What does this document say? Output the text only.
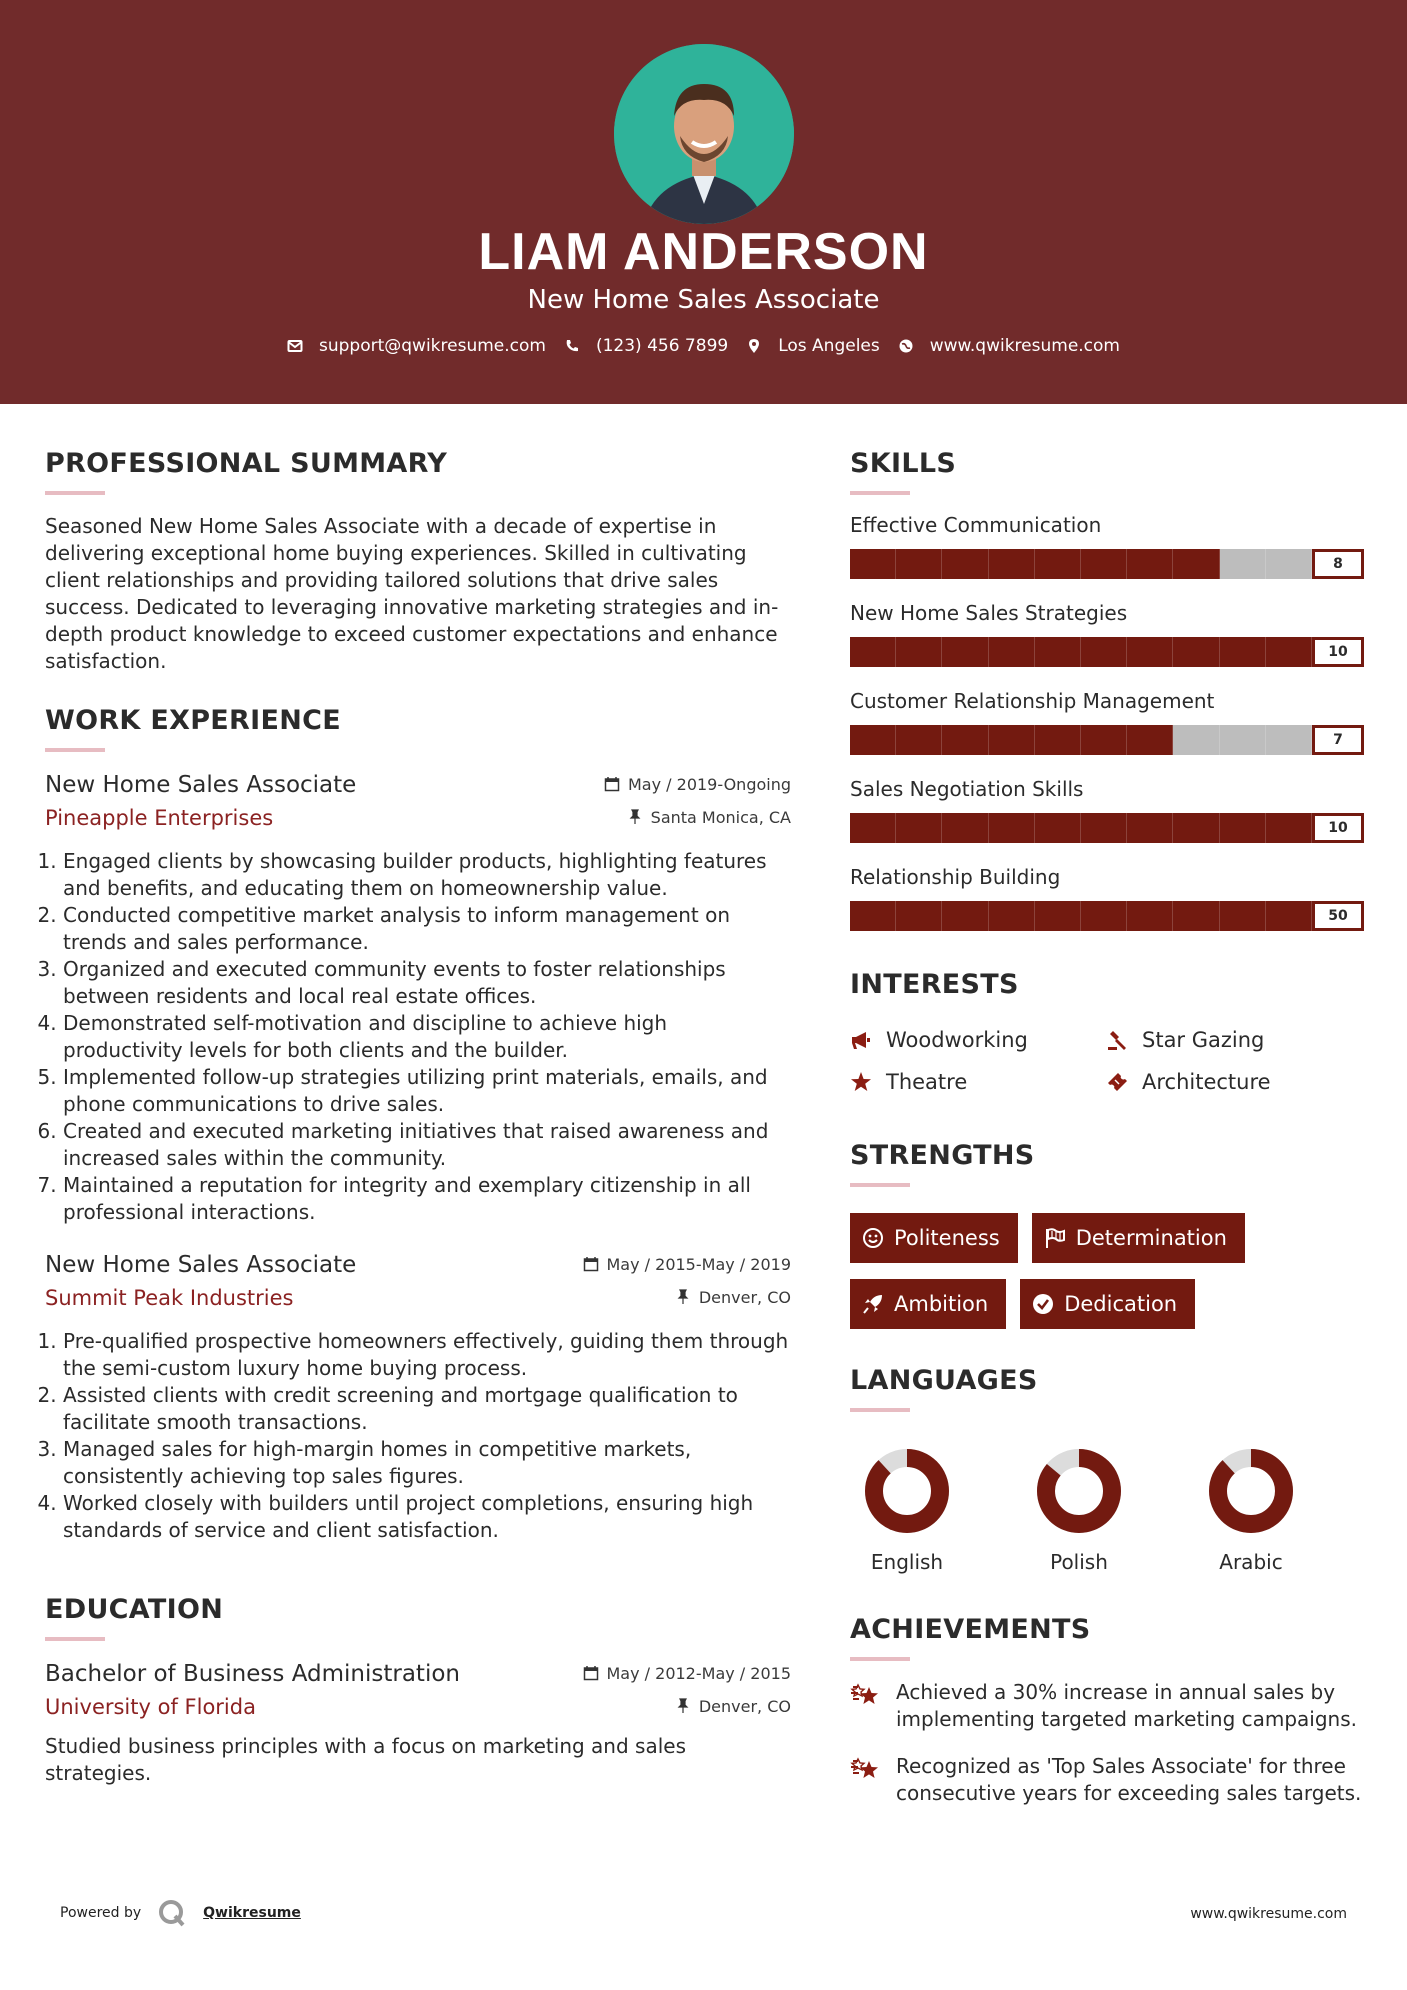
LIAM ANDERSON
New Home Sales Associate
support@qwikresume.com	(123) 456 7899	Los Angeles	www.qwikresume.com
PROFESSIONAL SUMMARY

Seasoned New Home Sales Associate with a decade of expertise in delivering exceptional home buying experiences. Skilled in cultivating client relationships and providing tailored solutions that drive sales success. Dedicated to leveraging innovative marketing strategies and in-depth product knowledge to exceed customer expectations and enhance satisfaction.

WORK EXPERIENCE
New Home Sales Associate	May / 2019-Ongoing
Pineapple Enterprises	Santa Monica, CA
1. Engaged clients by showcasing builder products, highlighting features and benefits, and educating them on homeownership value.
2. Conducted competitive market analysis to inform management on trends and sales performance.
3. Organized and executed community events to foster relationships between residents and local real estate offices.
4. Demonstrated self-motivation and discipline to achieve high productivity levels for both clients and the builder.
5. Implemented follow-up strategies utilizing print materials, emails, and phone communications to drive sales.
6. Created and executed marketing initiatives that raised awareness and increased sales within the community.
7. Maintained a reputation for integrity and exemplary citizenship in all professional interactions.
New Home Sales Associate	May / 2015-May / 2019
Summit Peak Industries	Denver, CO
1. Pre-qualified prospective homeowners effectively, guiding them through the semi-custom luxury home buying process.
2. Assisted clients with credit screening and mortgage qualification to facilitate smooth transactions.
3. Managed sales for high-margin homes in competitive markets, consistently achieving top sales figures.
4. Worked closely with builders until project completions, ensuring high standards of service and client satisfaction.
EDUCATION
Bachelor of Business Administration	May / 2012-May / 2015
University of Florida	Denver, CO

Studied business principles with a focus on marketing and sales strategies.

SKILLS
Effective Communication
8
New Home Sales Strategies
10
Customer Relationship Management
7
Sales Negotiation Skills
10
Relationship Building
50
INTERESTS
Woodworking	Star Gazing
Theatre	Architecture
STRENGTHS
Politeness	Determination
Ambition	Dedication
LANGUAGES
English	Polish	Arabic
ACHIEVEMENTS
Achieved a 30% increase in annual sales by implementing targeted marketing campaigns.
Recognized as 'Top Sales Associate' for three consecutive years for exceeding sales targets.
Powered by	Qwikresume	www.qwikresume.com
